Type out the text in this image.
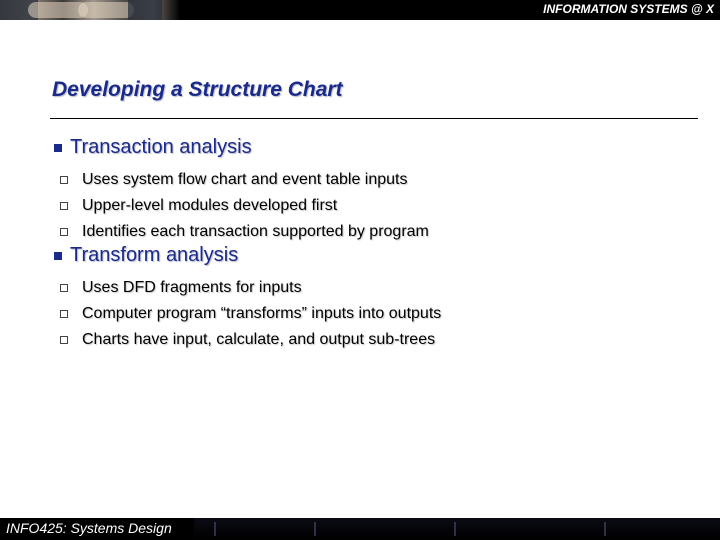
INFORMATION SYSTEMS @ X
Developing a Structure Chart
Transaction analysis
Uses system flow chart and event table inputs
Upper-level modules developed first
Identifies each transaction supported by program
Transform analysis
Uses DFD fragments for inputs
Computer program “transforms” inputs into outputs
Charts have input, calculate, and output sub-trees
INFO425: Systems Design
